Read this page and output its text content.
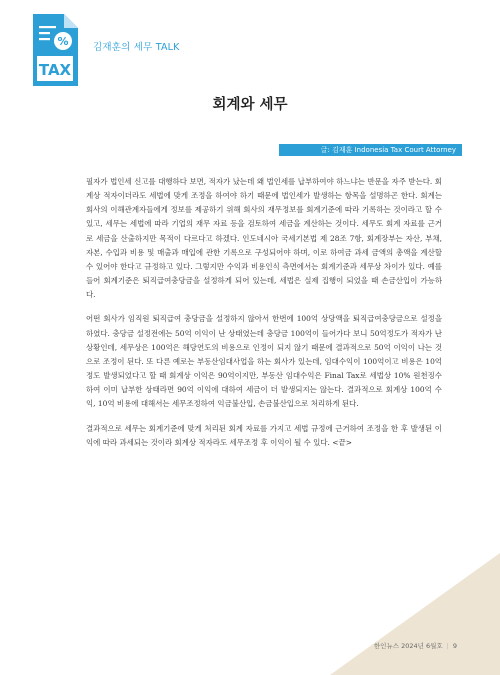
%
TAX
김재훈의 세무 TALK
회계와 세무
글: 김재훈 Indonesia Tax Court Attorney

필자가 법인세 신고를 대행하다 보면, 적자가 났는데 왜 법인세를 납부하여야 하느냐는 반문을 자주 받는다. 회계상 적자이더라도 세법에 맞게 조정을 하여야 하기 때문에 법인세가 발생하는 항목을 설명하곤 한다. 회계는 회사의 이해관계자들에게 정보를 제공하기 위해 회사의 재무정보를 회계기준에 따라 기록하는 것이라고 할 수 있고, 세무는 세법에 따라 기업의 재무 자료 등을 검토하여 세금을 계산하는 것이다. 세무도 회계 자료를 근거로 세금을 산출하지만 목적이 다르다고 하겠다. 인도네시아 국세기본법 제 28조 7항, 회계장부는 자산, 부채, 자본, 수입과 비용 및 매출과 매입에 관한 기록으로 구성되어야 하며, 이로 하여금 과세 금액의 총액을 계산할 수 있어야 한다고 규정하고 있다. 그렇지만 수익과 비용인식 측면에서는 회계기준과 세무상 차이가 있다. 예를 들어 회계기준은 퇴직급여충당금을 설정하게 되어 있는데, 세법은 실제 집행이 되었을 때 손금산입이 가능하다.

어떤 회사가 임직원 퇴직급여 충당금을 설정하지 않아서 한번에 100억 상당액을 퇴직급여충당금으로 설정을 하였다. 충당금 설정전에는 50억 이익이 난 상태였는데 충당금 100억이 들어가다 보니 50억정도가 적자가 난 상황인데, 세무상은 100억은 해당연도의 비용으로 인정이 되지 않기 때문에 결과적으로 50억 이익이 나는 것으로 조정이 된다. 또 다른 예로는 부동산임대사업을 하는 회사가 있는데, 임대수익이 100억이고 비용은 10억정도 발생되었다고 할 때 회계상 이익은 90억이지만, 부동산 임대수익은 Final Tax로 세법상 10% 원천징수하여 이미 납부한 상태라면 90억 이익에 대하여 세금이 더 발생되지는 않는다. 결과적으로 회계상 100억 수익, 10억 비용에 대해서는 세무조정하여 익금불산입, 손금불산입으로 처리하게 된다.

결과적으로 세무는 회계기준에 맞게 처리된 회계 자료를 가지고 세법 규정에 근거하여 조정을 한 후 발생된 이익에 따라 과세되는 것이라 회계상 적자라도 세무조정 후 이익이 될 수 있다. <끝>

한인뉴스 2024년 6월호 | 9
